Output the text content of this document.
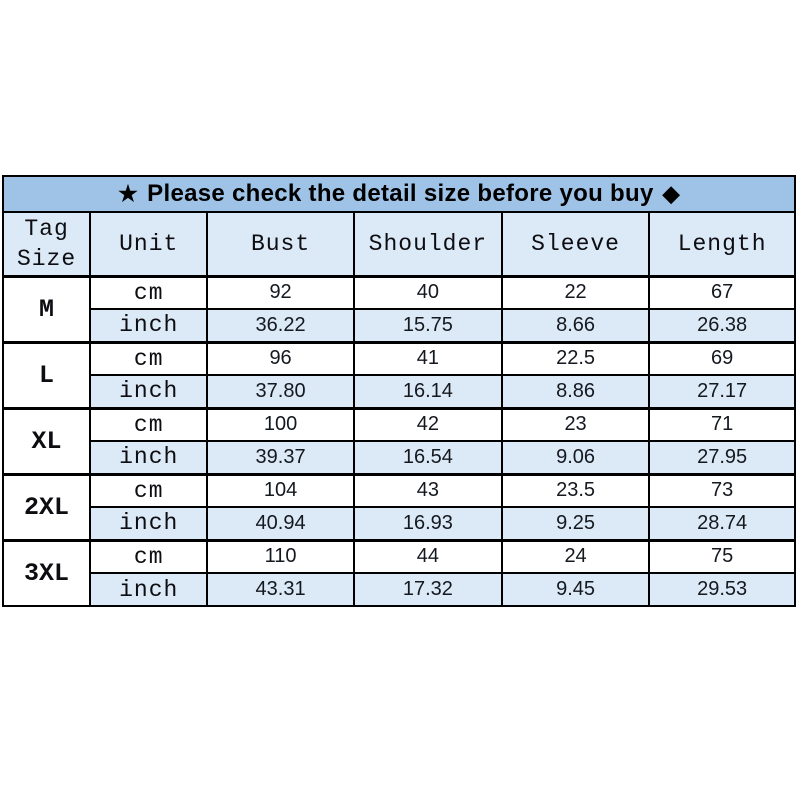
★ Please check the detail size before you buy ◆
Tag
Size	Unit	Bust	Shoulder	Sleeve	Length
M	cm	92	40	22	67
	inch	36.22	15.75	8.66	26.38
L	cm	96	41	22.5	69
	inch	37.80	16.14	8.86	27.17
XL	cm	100	42	23	71
	inch	39.37	16.54	9.06	27.95
2XL	cm	104	43	23.5	73
	inch	40.94	16.93	9.25	28.74
3XL	cm	110	44	24	75
	inch	43.31	17.32	9.45	29.53
